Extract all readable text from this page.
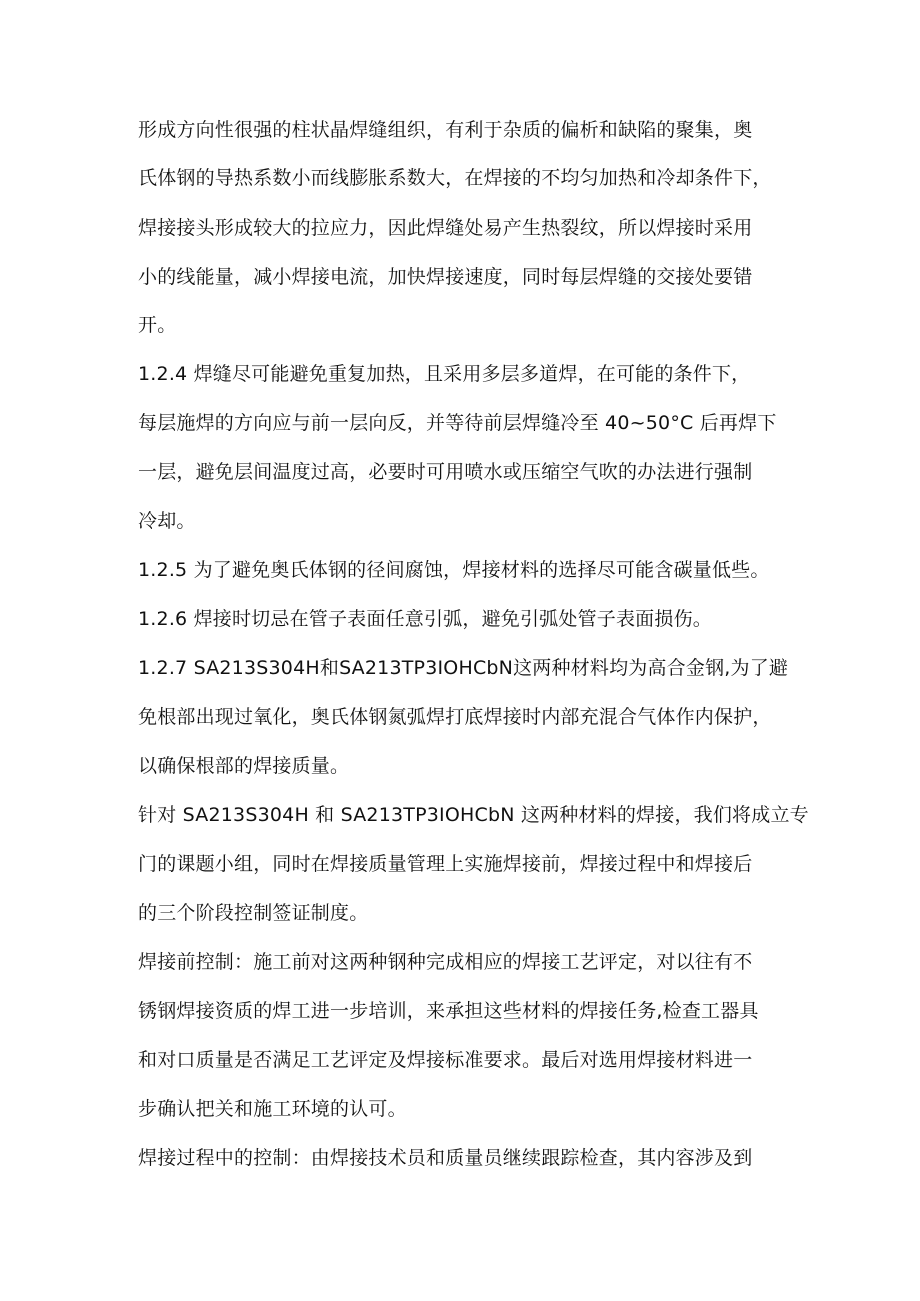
形成方向性很强的柱状晶焊缝组织，有利于杂质的偏析和缺陷的聚集，奥
氏体钢的导热系数小而线膨胀系数大，在焊接的不均匀加热和冷却条件下，
焊接接头形成较大的拉应力，因此焊缝处易产生热裂纹，所以焊接时采用
小的线能量，减小焊接电流，加快焊接速度，同时每层焊缝的交接处要错
开。
1.2.4 焊缝尽可能避免重复加热，且采用多层多道焊，在可能的条件下，
每层施焊的方向应与前一层向反，并等待前层焊缝冷至 40~50°C 后再焊下
一层，避免层间温度过高，必要时可用喷水或压缩空气吹的办法进行强制
冷却。
1.2.5 为了避免奥氏体钢的径间腐蚀，焊接材料的选择尽可能含碳量低些。
1.2.6 焊接时切忌在管子表面任意引弧，避免引弧处管子表面损伤。
1.2.7 SA213S304H和SA213TP3IOHCbN这两种材料均为高合金钢,为了避
免根部出现过氧化，奥氏体钢氮弧焊打底焊接时内部充混合气体作内保护，
以确保根部的焊接质量。
针对 SA213S304H 和 SA213TP3IOHCbN 这两种材料的焊接，我们将成立专
门的课题小组，同时在焊接质量管理上实施焊接前，焊接过程中和焊接后
的三个阶段控制签证制度。
焊接前控制：施工前对这两种钢种完成相应的焊接工艺评定，对以往有不
锈钢焊接资质的焊工进一步培训，来承担这些材料的焊接任务,检查工器具
和对口质量是否满足工艺评定及焊接标准要求。最后对选用焊接材料进一
步确认把关和施工环境的认可。
焊接过程中的控制：由焊接技术员和质量员继续跟踪检查，其内容涉及到
